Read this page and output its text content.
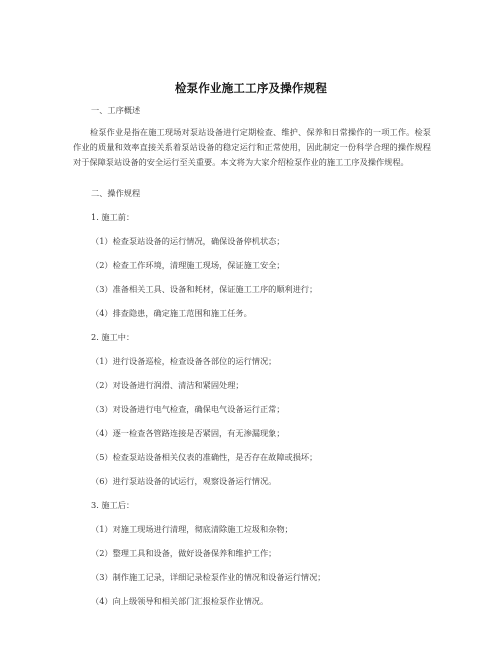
检泵作业施工工序及操作规程
一、工序概述

检泵作业是指在施工现场对泵站设备进行定期检查、维护、保养和日常操作的一项工作。检泵作业的质量和效率直接关系着泵站设备的稳定运行和正常使用，因此制定一份科学合理的操作规程对于保障泵站设备的安全运行至关重要。本文将为大家介绍检泵作业的施工工序及操作规程。

二、操作规程
1. 施工前：
（1）检查泵站设备的运行情况，确保设备停机状态；
（2）检查工作环境，清理施工现场，保证施工安全；
（3）准备相关工具、设备和耗材，保证施工工序的顺利进行；
（4）排查隐患，确定施工范围和施工任务。
2. 施工中：
（1）进行设备巡检，检查设备各部位的运行情况；
（2）对设备进行润滑、清洁和紧固处理；
（3）对设备进行电气检查，确保电气设备运行正常；
（4）逐一检查各管路连接是否紧固，有无渗漏现象；
（5）检查泵站设备相关仪表的准确性，是否存在故障或损坏；
（6）进行泵站设备的试运行，观察设备运行情况。
3. 施工后：
（1）对施工现场进行清理，彻底清除施工垃圾和杂物；
（2）整理工具和设备，做好设备保养和维护工作；
（3）制作施工记录，详细记录检泵作业的情况和设备运行情况；
（4）向上级领导和相关部门汇报检泵作业情况。
